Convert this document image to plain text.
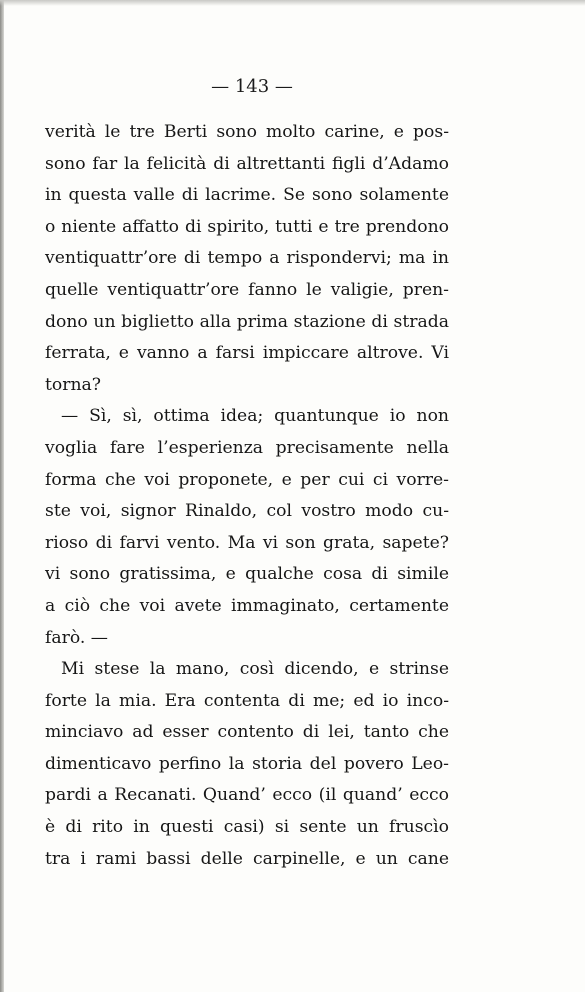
— 143 —
verità le tre Berti sono molto carine, e pos-
sono far la felicità di altrettanti figli d’Adamo
in questa valle di lacrime. Se sono solamente
o niente affatto di spirito, tutti e tre prendono
ventiquattr’ore di tempo a rispondervi; ma in
quelle ventiquattr’ore fanno le valigie, pren-
dono un biglietto alla prima stazione di strada
ferrata, e vanno a farsi impiccare altrove. Vi
torna?
— Sì, sì, ottima idea; quantunque io non
voglia fare l’esperienza precisamente nella
forma che voi proponete, e per cui ci vorre-
ste voi, signor Rinaldo, col vostro modo cu-
rioso di farvi vento. Ma vi son grata, sapete?
vi sono gratissima, e qualche cosa di simile
a ciò che voi avete immaginato, certamente
farò. —
Mi stese la mano, così dicendo, e strinse
forte la mia. Era contenta di me; ed io inco-
minciavo ad esser contento di lei, tanto che
dimenticavo perfino la storia del povero Leo-
pardi a Recanati. Quand’ ecco (il quand’ ecco
è di rito in questi casi) si sente un fruscìo
tra i rami bassi delle carpinelle, e un cane
